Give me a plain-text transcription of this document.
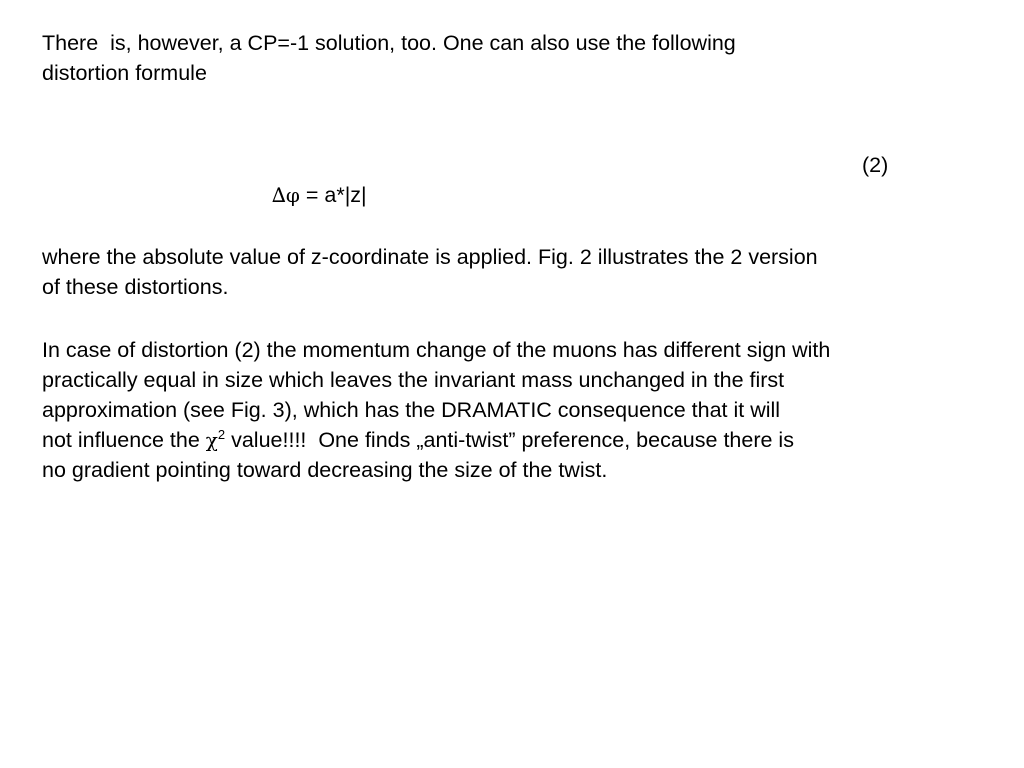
There  is, however, a CP=-1 solution, too. One can also use the following
distortion formule

∆φ = a*|z|

(2)
where the absolute value of z-coordinate is applied. Fig. 2 illustrates the 2 version
of these distortions.
In case of distortion (2) the momentum change of the muons has different sign with
practically equal in size which leaves the invariant mass unchanged in the first
approximation (see Fig. 3), which has the DRAMATIC consequence that it will
not influence the $\chi^2$ value!!!!  One finds „anti-twist” preference, because there is
no gradient pointing toward decreasing the size of the twist.
